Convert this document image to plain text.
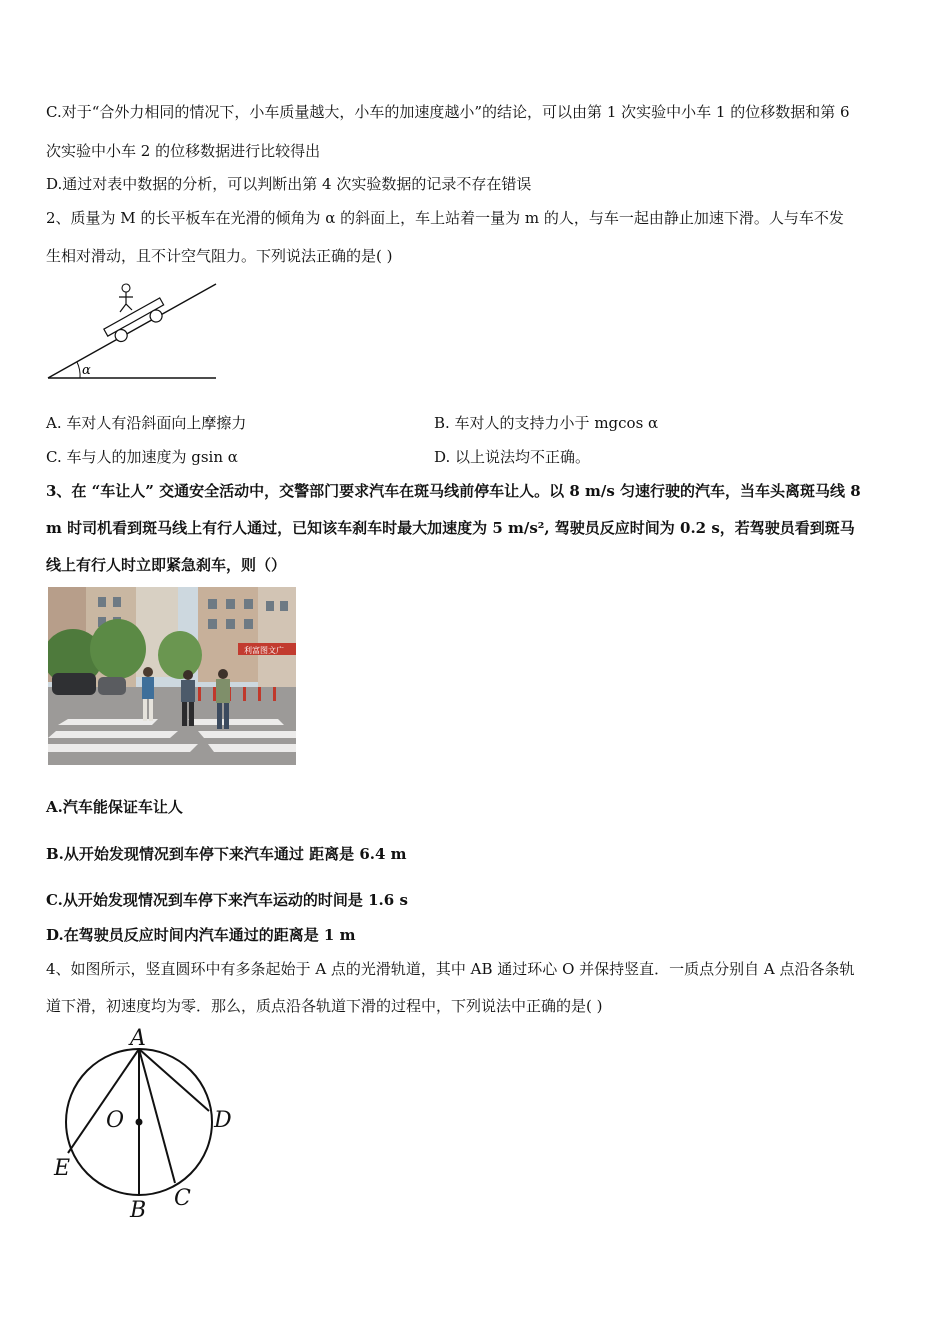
C.对于“合外力相同的情况下，小车质量越大，小车的加速度越小”的结论，可以由第 1 次实验中小车 1 的位移数据和第 6
次实验中小车 2 的位移数据进行比较得出
D.通过对表中数据的分析，可以判断出第 4 次实验数据的记录不存在错误
2、质量为 M 的长平板车在光滑的倾角为 α 的斜面上，车上站着一量为 m 的人，与车一起由静止加速下滑。人与车不发
生相对滑动，且不计空气阻力。下列说法正确的是( )
α
A. 车对人有沿斜面向上摩擦力	B. 车对人的支持力小于 mgcos α
C. 车与人的加速度为 gsin α	D. 以上说法均不正确。
3、在 “车让人” 交通安全活动中，交警部门要求汽车在斑马线前停车让人。以 8 m/s 匀速行驶的汽车，当车头离斑马线 8
m 时司机看到斑马线上有行人通过，已知该车刹车时最大加速度为 5 m/s², 驾驶员反应时间为 0.2 s，若驾驶员看到斑马
线上有行人时立即紧急刹车，则（）
利富图文广
A.汽车能保证车让人
B.从开始发现情况到车停下来汽车通过 距离是 6.4 m
C.从开始发现情况到车停下来汽车运动的时间是 1.6 s
D.在驾驶员反应时间内汽车通过的距离是 1 m
4、如图所示，竖直圆环中有多条起始于 A 点的光滑轨道，其中 AB 通过环心 O 并保持竖直．一质点分别自 A 点沿各条轨
道下滑，初速度均为零．那么，质点沿各轨道下滑的过程中，下列说法中正确的是( )
A
B C
D
E
O
